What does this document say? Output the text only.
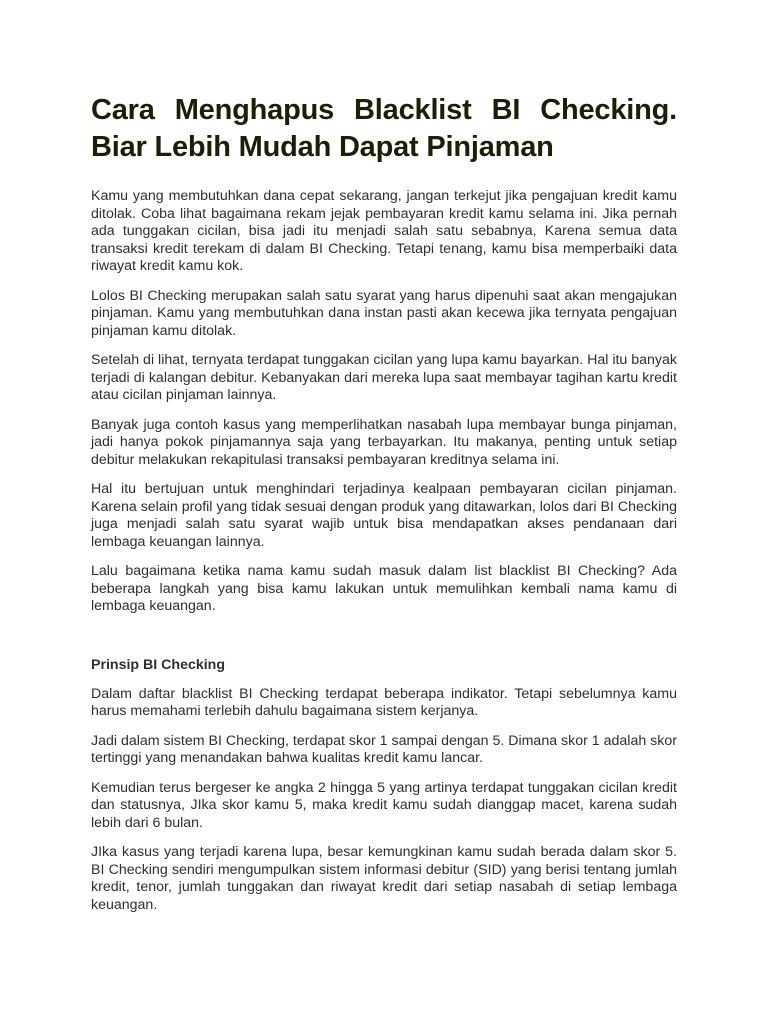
Cara Menghapus Blacklist BI Checking. Biar Lebih Mudah Dapat Pinjaman

Kamu yang membutuhkan dana cepat sekarang, jangan terkejut jika pengajuan kredit kamu ditolak. Coba lihat bagaimana rekam jejak pembayaran kredit kamu selama ini. Jika pernah ada tunggakan cicilan, bisa jadi itu menjadi salah satu sebabnya, Karena semua data transaksi kredit terekam di dalam BI Checking. Tetapi tenang, kamu bisa memperbaiki data riwayat kredit kamu kok.

Lolos BI Checking merupakan salah satu syarat yang harus dipenuhi saat akan mengajukan pinjaman. Kamu yang membutuhkan dana instan pasti akan kecewa jika ternyata pengajuan pinjaman kamu ditolak.

Setelah di lihat, ternyata terdapat tunggakan cicilan yang lupa kamu bayarkan. Hal itu banyak terjadi di kalangan debitur. Kebanyakan dari mereka lupa saat membayar tagihan kartu kredit atau cicilan pinjaman lainnya.

Banyak juga contoh kasus yang memperlihatkan nasabah lupa membayar bunga pinjaman, jadi hanya pokok pinjamannya saja yang terbayarkan. Itu makanya, penting untuk setiap debitur melakukan rekapitulasi transaksi pembayaran kreditnya selama ini.

Hal itu bertujuan untuk menghindari terjadinya kealpaan pembayaran cicilan pinjaman. Karena selain profil yang tidak sesuai dengan produk yang ditawarkan, lolos dari BI Checking juga menjadi salah satu syarat wajib untuk bisa mendapatkan akses pendanaan dari lembaga keuangan lainnya.

Lalu bagaimana ketika nama kamu sudah masuk dalam list blacklist BI Checking? Ada beberapa langkah yang bisa kamu lakukan untuk memulihkan kembali nama kamu di lembaga keuangan.

Prinsip BI Checking

Dalam daftar blacklist BI Checking terdapat beberapa indikator. Tetapi sebelumnya kamu harus memahami terlebih dahulu bagaimana sistem kerjanya.

Jadi dalam sistem BI Checking, terdapat skor 1 sampai dengan 5. Dimana skor 1 adalah skor tertinggi yang menandakan bahwa kualitas kredit kamu lancar.

Kemudian terus bergeser ke angka 2 hingga 5 yang artinya terdapat tunggakan cicilan kredit dan statusnya, JIka skor kamu 5, maka kredit kamu sudah dianggap macet, karena sudah lebih dari 6 bulan.

JIka kasus yang terjadi karena lupa, besar kemungkinan kamu sudah berada dalam skor 5. BI Checking sendiri mengumpulkan sistem informasi debitur (SID) yang berisi tentang jumlah kredit, tenor, jumlah tunggakan dan riwayat kredit dari setiap nasabah di setiap lembaga keuangan.
